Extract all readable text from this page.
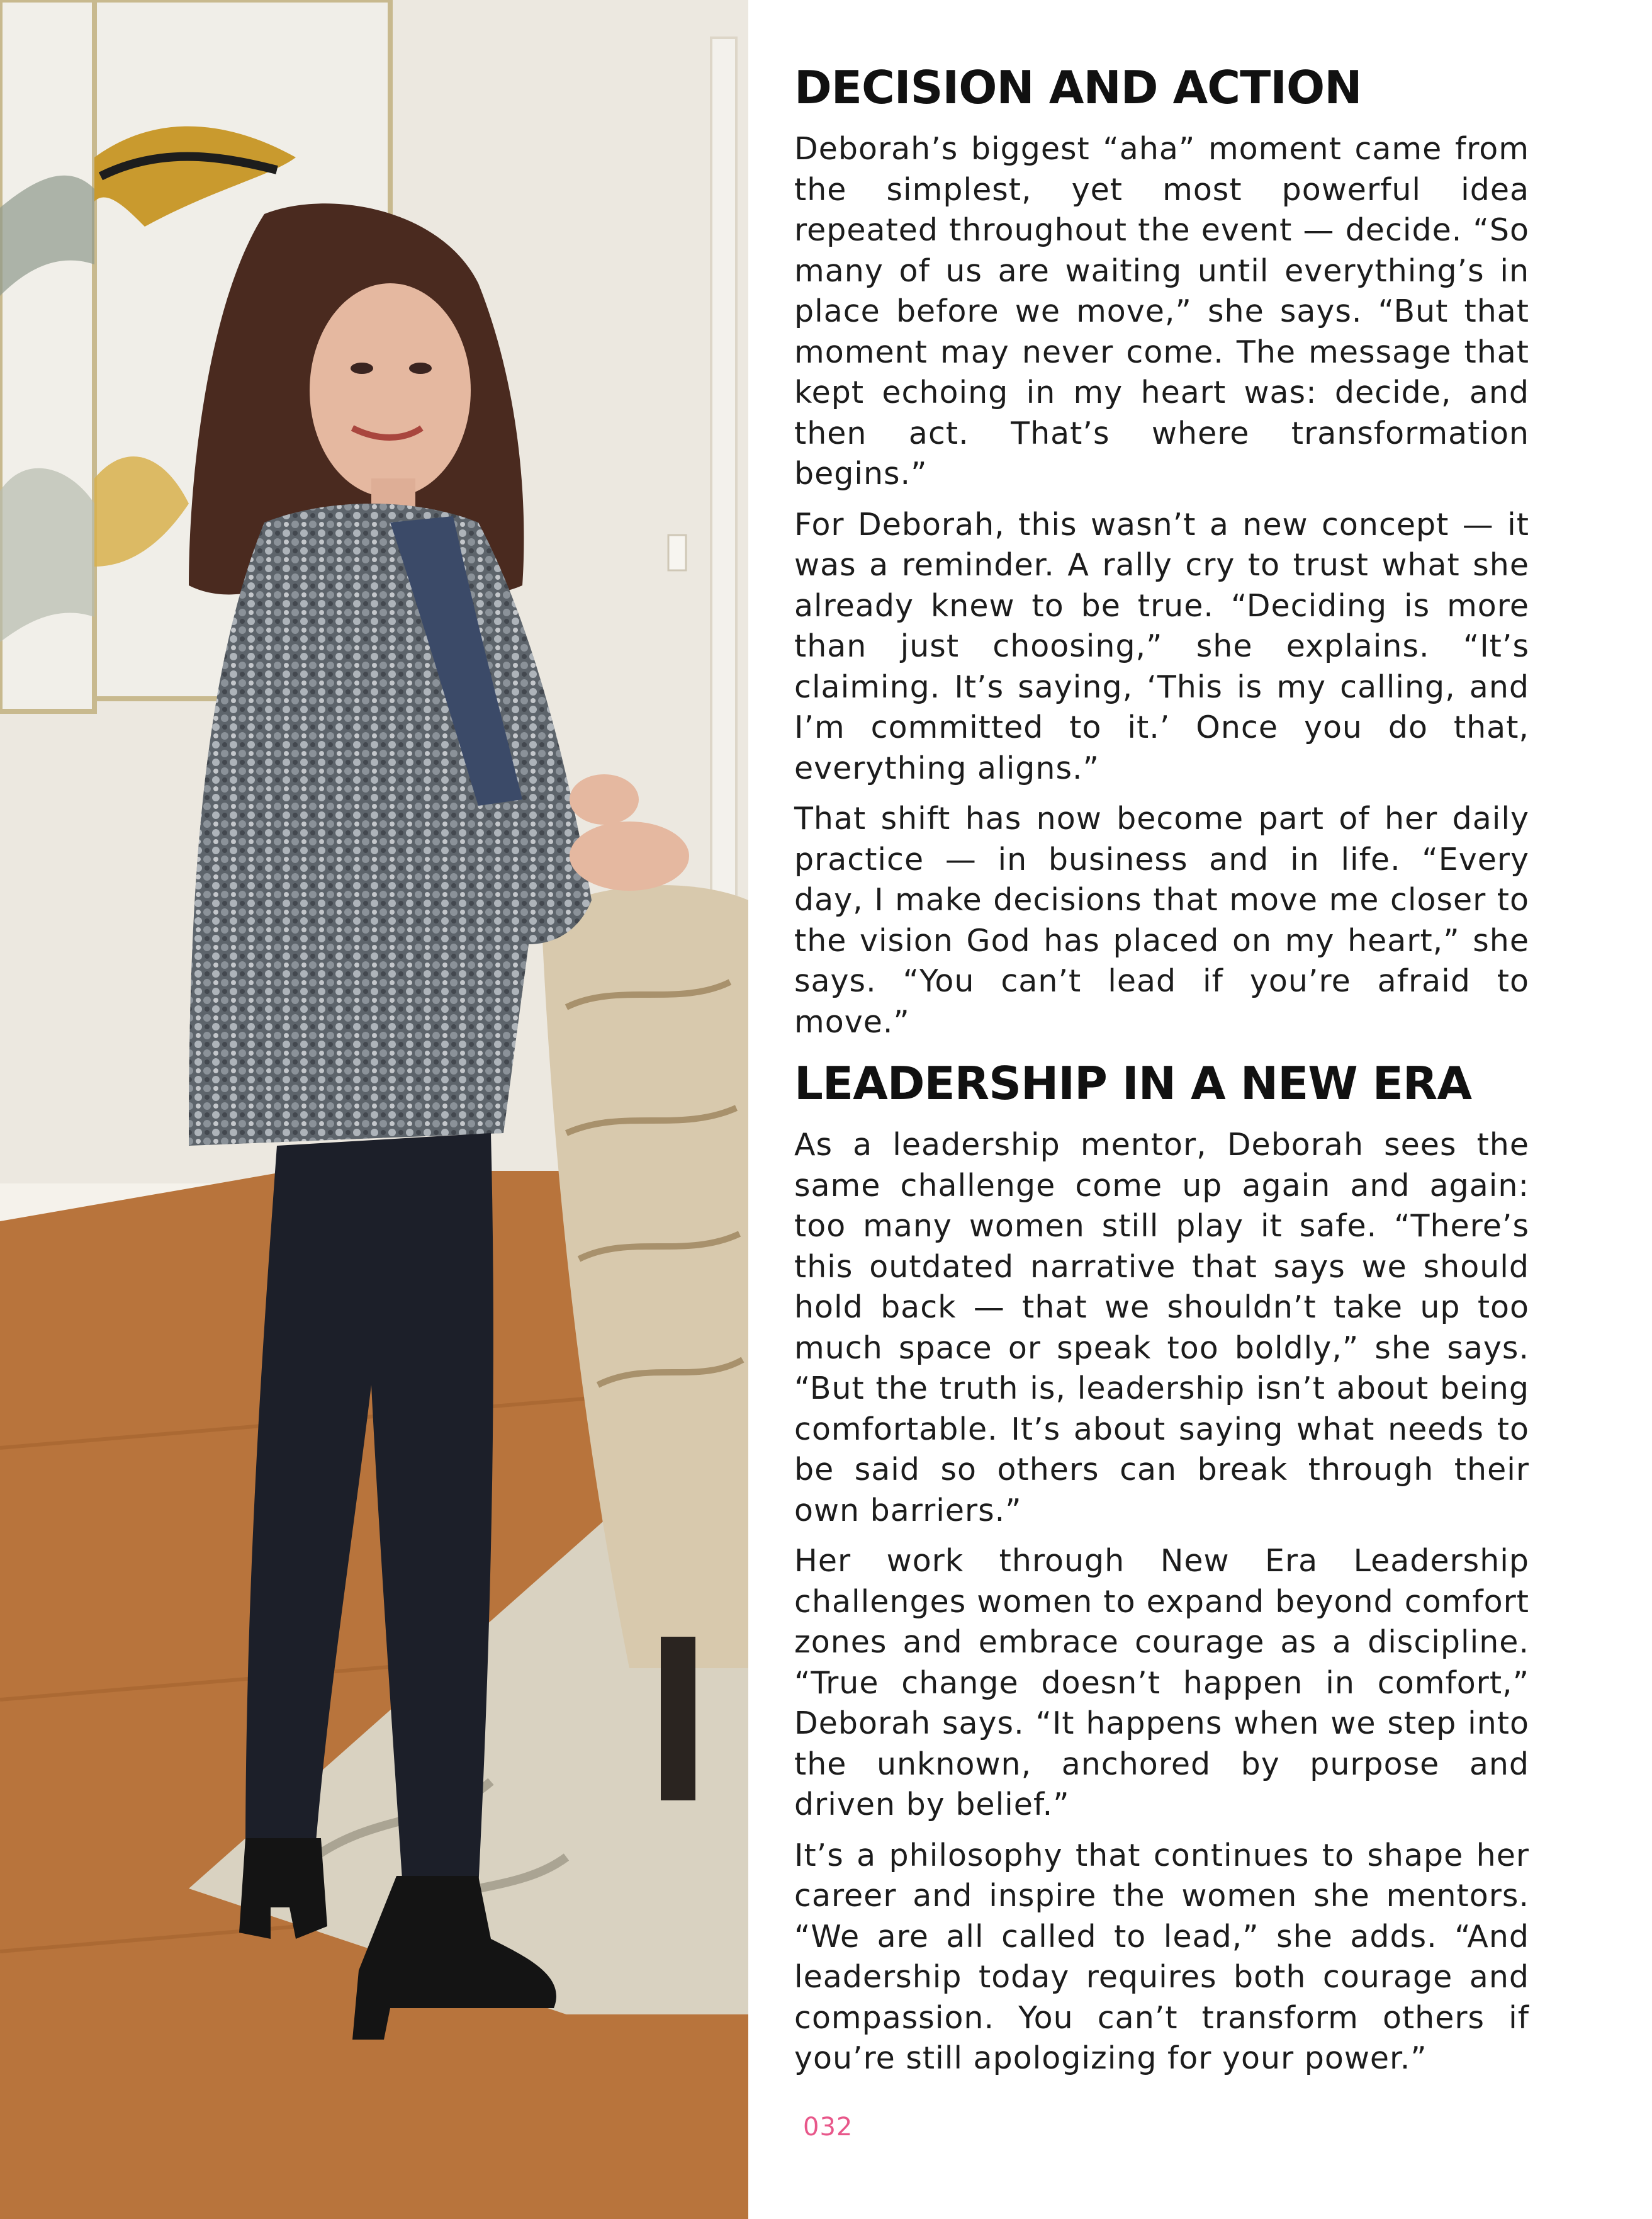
DECISION AND ACTION

Deborah’s biggest “aha” moment came from the simplest, yet most powerful idea repeated throughout the event — decide. “So many of us are waiting until everything’s in place before we move,” she says. “But that moment may never come. The message that kept echoing in my heart was: decide, and then act. That’s where transformation begins.”

For Deborah, this wasn’t a new concept — it was a reminder. A rally cry to trust what she already knew to be true. “Deciding is more than just choosing,” she explains. “It’s claiming. It’s saying, ‘This is my calling, and I’m committed to it.’ Once you do that, everything aligns.”

That shift has now become part of her daily practice — in business and in life. “Every day, I make decisions that move me closer to the vision God has placed on my heart,” she says. “You can’t lead if you’re afraid to move.”

LEADERSHIP IN A NEW ERA

As a leadership mentor, Deborah sees the same challenge come up again and again: too many women still play it safe. “There’s this outdated narrative that says we should hold back — that we shouldn’t take up too much space or speak too boldly,” she says. “But the truth is, leadership isn’t about being comfortable. It’s about saying what needs to be said so others can break through their own barriers.”

Her work through New Era Leadership challenges women to expand beyond comfort zones and embrace courage as a discipline. “True change doesn’t happen in comfort,” Deborah says. “It happens when we step into the unknown, anchored by purpose and driven by belief.”

It’s a philosophy that continues to shape her career and inspire the women she mentors. “We are all called to lead,” she adds. “And leadership today requires both courage and compassion. You can’t transform others if you’re still apologizing for your power.”

032
